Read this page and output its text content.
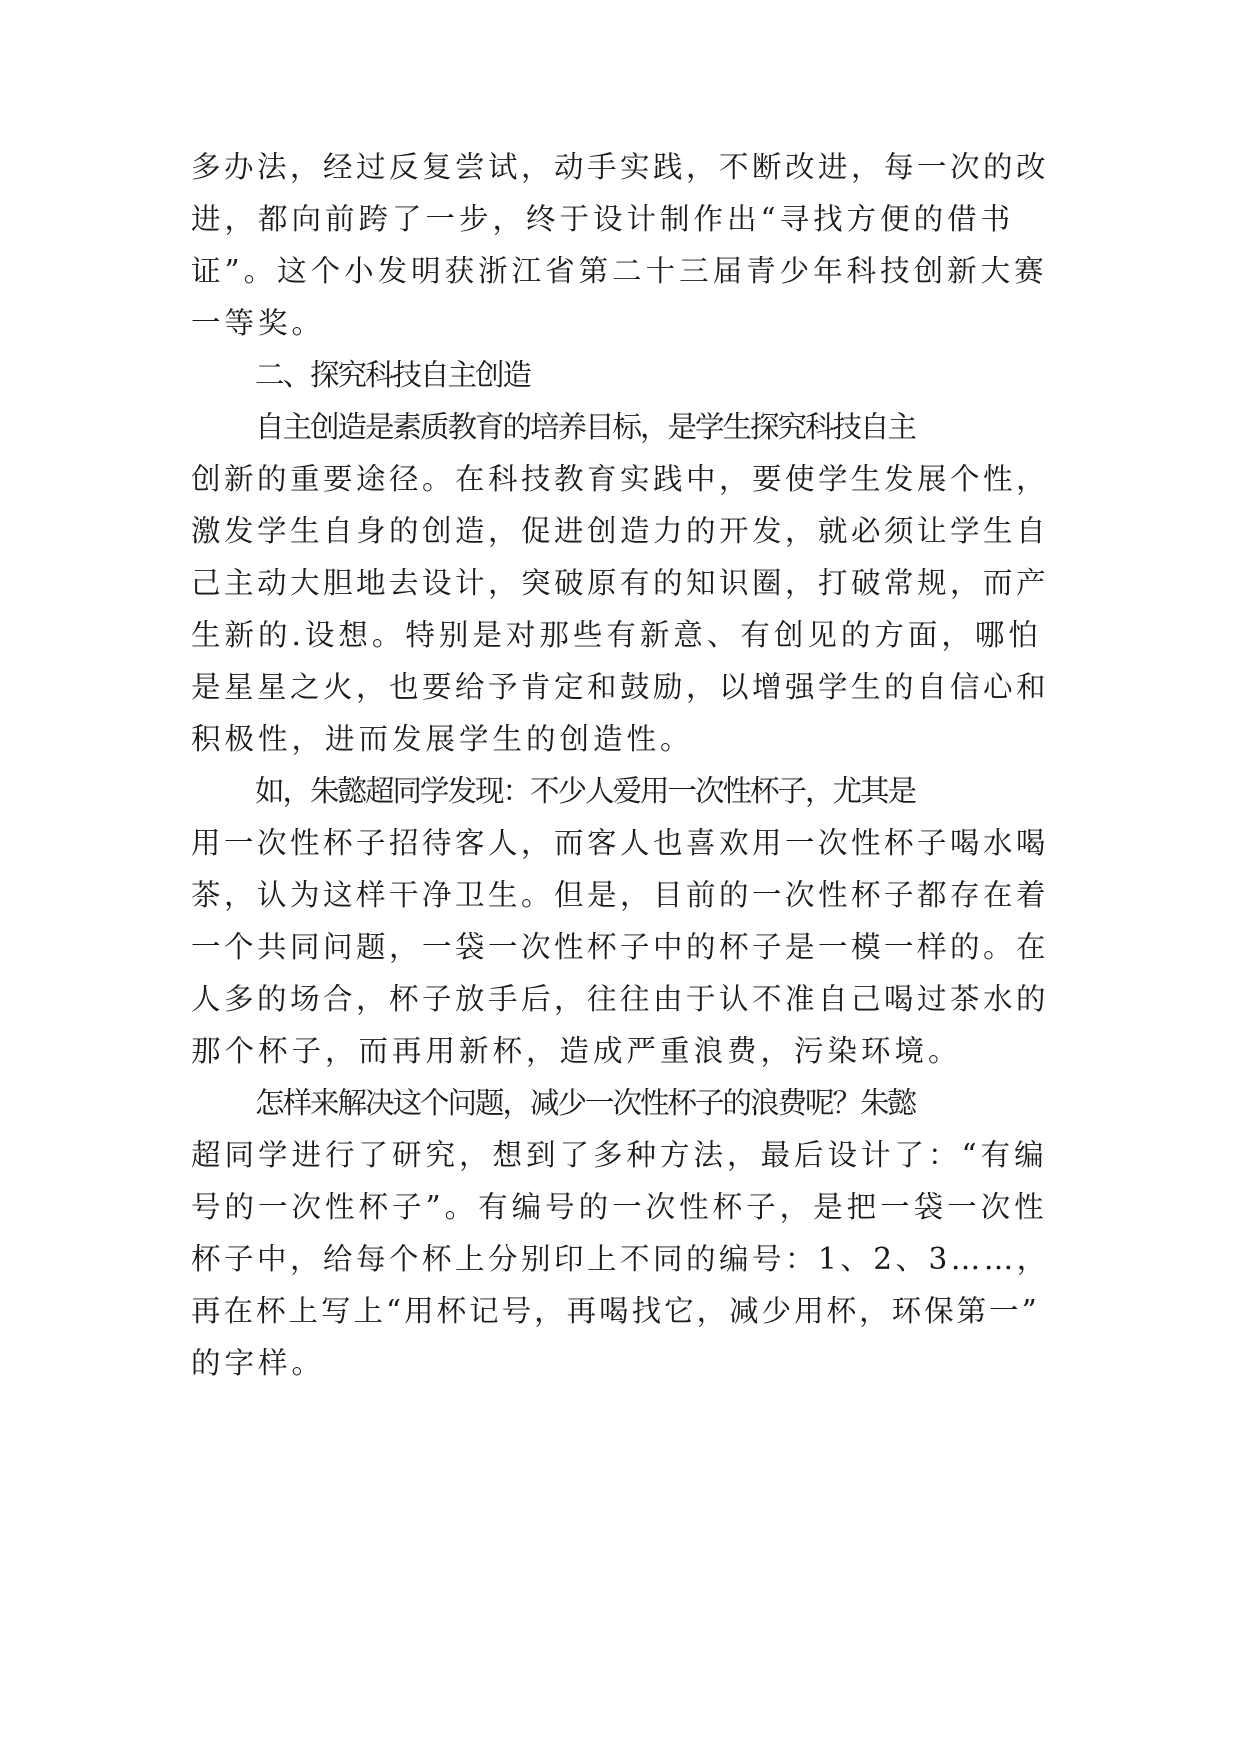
多办法，经过反复尝试，动手实践，不断改进，每一次的改
进，都向前跨了一步，终于设计制作出“寻找方便的借书
证”。这个小发明获浙江省第二十三届青少年科技创新大赛
一等奖。
二、探究科技自主创造
自主创造是素质教育的培养目标，是学生探究科技自主
创新的重要途径。在科技教育实践中，要使学生发展个性，
激发学生自身的创造，促进创造力的开发，就必须让学生自
己主动大胆地去设计，突破原有的知识圈，打破常规，而产
生新的.设想。特别是对那些有新意、有创见的方面，哪怕
是星星之火，也要给予肯定和鼓励，以增强学生的自信心和
积极性，进而发展学生的创造性。
如，朱懿超同学发现：不少人爱用一次性杯子，尤其是
用一次性杯子招待客人，而客人也喜欢用一次性杯子喝水喝
茶，认为这样干净卫生。但是，目前的一次性杯子都存在着
一个共同问题，一袋一次性杯子中的杯子是一模一样的。在
人多的场合，杯子放手后，往往由于认不准自己喝过茶水的
那个杯子，而再用新杯，造成严重浪费，污染环境。
怎样来解决这个问题，减少一次性杯子的浪费呢？朱懿
超同学进行了研究，想到了多种方法，最后设计了：“有编
号的一次性杯子”。有编号的一次性杯子，是把一袋一次性
杯子中，给每个杯上分别印上不同的编号：1、2、3……，
再在杯上写上“用杯记号，再喝找它，减少用杯，环保第一”
的字样。
